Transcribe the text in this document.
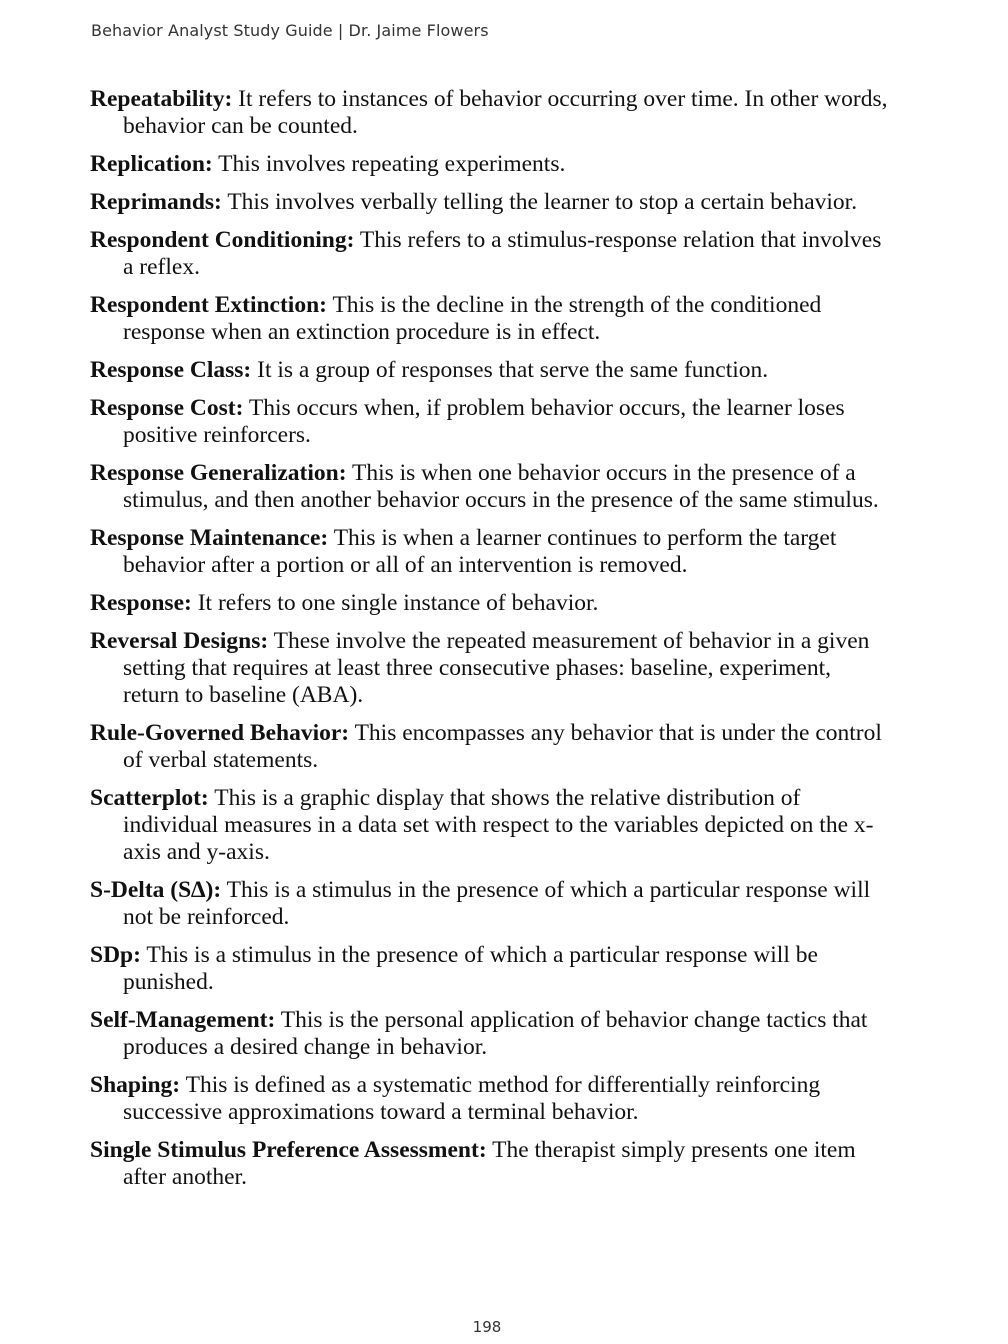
Behavior Analyst Study Guide | Dr. Jaime Flowers
Repeatability: It refers to instances of behavior occurring over time. In other words, behavior can be counted.
Replication: This involves repeating experiments.
Reprimands: This involves verbally telling the learner to stop a certain behavior.
Respondent Conditioning: This refers to a stimulus-response relation that involves a reflex.
Respondent Extinction: This is the decline in the strength of the conditioned response when an extinction procedure is in effect.
Response Class: It is a group of responses that serve the same function.
Response Cost: This occurs when, if problem behavior occurs, the learner loses positive reinforcers.
Response Generalization: This is when one behavior occurs in the presence of a stimulus, and then another behavior occurs in the presence of the same stimulus.
Response Maintenance: This is when a learner continues to perform the target behavior after a portion or all of an intervention is removed.
Response: It refers to one single instance of behavior.
Reversal Designs: These involve the repeated measurement of behavior in a given setting that requires at least three consecutive phases: baseline, experiment, return to baseline (ABA).
Rule-Governed Behavior: This encompasses any behavior that is under the control of verbal statements.
Scatterplot: This is a graphic display that shows the relative distribution of individual measures in a data set with respect to the variables depicted on the x-axis and y-axis.
S-Delta (S∆): This is a stimulus in the presence of which a particular response will not be reinforced.
SDp: This is a stimulus in the presence of which a particular response will be punished.
Self-Management: This is the personal application of behavior change tactics that produces a desired change in behavior.
Shaping: This is defined as a systematic method for differentially reinforcing successive approximations toward a terminal behavior.
Single Stimulus Preference Assessment: The therapist simply presents one item after another.
198
